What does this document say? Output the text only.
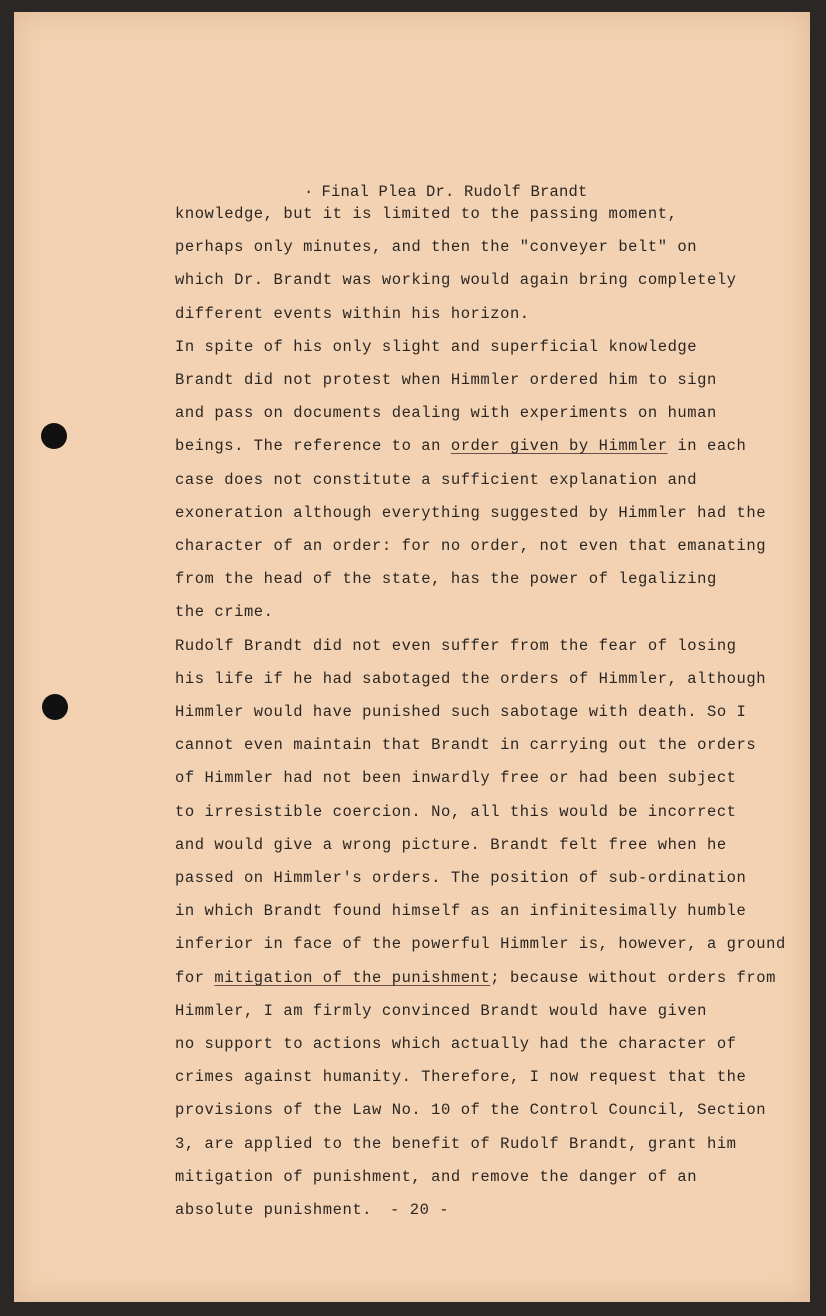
· Final Plea Dr. Rudolf Brandt
knowledge, but it is limited to the passing moment,
perhaps only minutes, and then the "conveyer belt" on
which Dr. Brandt was working would again bring completely
different events within his horizon.
In spite of his only slight and superficial knowledge
Brandt did not protest when Himmler ordered him to sign
and pass on documents dealing with experiments on human
beings. The reference to an order given by Himmler in each
case does not constitute a sufficient explanation and
exoneration although everything suggested by Himmler had the
character of an order: for no order, not even that emanating
from the head of the state, has the power of legalizing
the crime.
Rudolf Brandt did not even suffer from the fear of losing
his life if he had sabotaged the orders of Himmler, although
Himmler would have punished such sabotage with death. So I
cannot even maintain that Brandt in carrying out the orders
of Himmler had not been inwardly free or had been subject
to irresistible coercion. No, all this would be incorrect
and would give a wrong picture. Brandt felt free when he
passed on Himmler's orders. The position of sub-ordination
in which Brandt found himself as an infinitesimally humble
inferior in face of the powerful Himmler is, however, a ground
for mitigation of the punishment; because without orders from
Himmler, I am firmly convinced Brandt would have given
no support to actions which actually had the character of
crimes against humanity. Therefore, I now request that the
provisions of the Law No. 10 of the Control Council, Section
3, are applied to the benefit of Rudolf Brandt, grant him
mitigation of punishment, and remove the danger of an
absolute punishment. - 20 -
